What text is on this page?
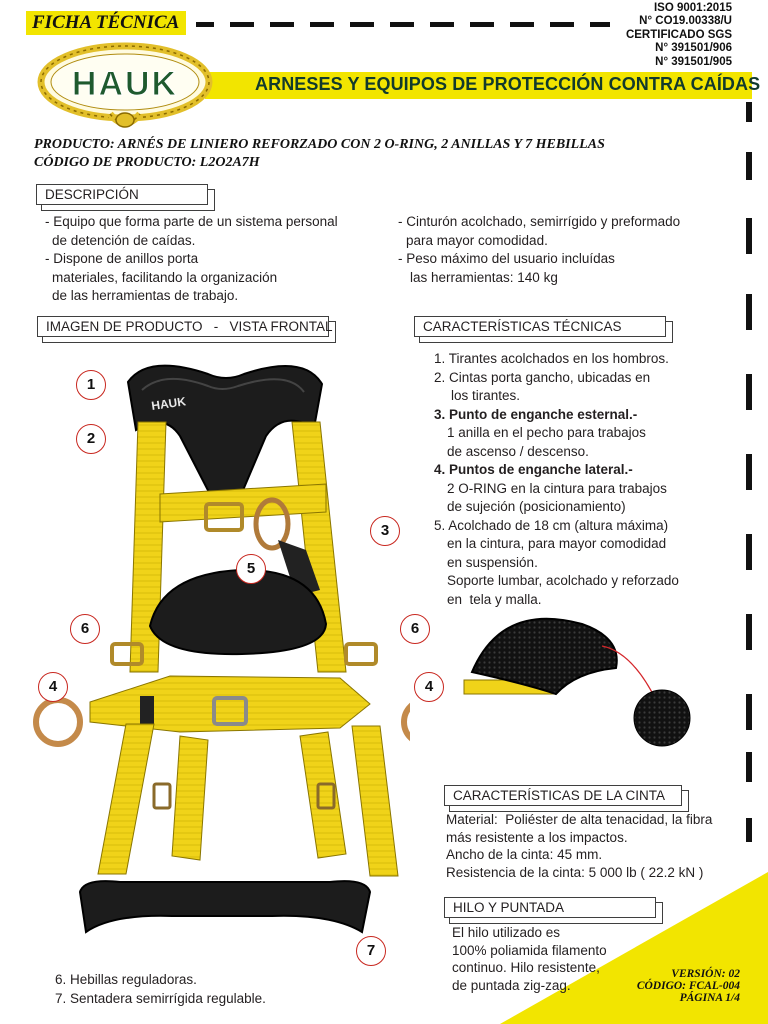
FICHA TÉCNICA
ISO 9001:2015
N° CO19.00338/U
CERTIFICADO SGS
N° 391501/906
N° 391501/905
ARNESES Y EQUIPOS DE PROTECCIÓN CONTRA CAÍDAS
HAUK
PRODUCTO: ARNÉS DE LINIERO REFORZADO CON 2 O-RING, 2 ANILLAS Y 7 HEBILLAS
CÓDIGO DE PRODUCTO: L2O2A7H
DESCRIPCIÓN
- Equipo que forma parte de un sistema personal
de detención de caídas.
- Dispone de anillos porta
materiales, facilitando la organización
de las herramientas de trabajo.
- Cinturón acolchado, semirrígido y preformado
para mayor comodidad.
- Peso máximo del usuario incluídas
las herramientas: 140 kg
IMAGEN DE PRODUCTO   -   VISTA FRONTAL
HAUK
1
2
3
5
6	6
4	4
7
CARACTERÍSTICAS TÉCNICAS
1. Tirantes acolchados en los hombros.
2. Cintas porta gancho, ubicadas en
los tirantes.
3. Punto de enganche esternal.-
1 anilla en el pecho para trabajos
de ascenso / descenso.
4. Puntos de enganche lateral.-
2 O-RING en la cintura para trabajos
de sujeción (posicionamiento)
5. Acolchado de 18 cm (altura máxima)
en la cintura, para mayor comodidad
en suspensión.
Soporte lumbar, acolchado y reforzado
en  tela y malla.
CARACTERÍSTICAS DE LA CINTA
Material:  Poliéster de alta tenacidad, la fibra
más resistente a los impactos.
Ancho de la cinta: 45 mm.
Resistencia de la cinta: 5 000 lb ( 22.2 kN )
HILO Y PUNTADA
El hilo utilizado es
100% poliamida filamento
continuo. Hilo resistente,
de puntada zig-zag.
6. Hebillas reguladoras.
7. Sentadera semirrígida regulable.
VERSIÓN: 02
CÓDIGO: FCAL-004
PÁGINA 1/4
